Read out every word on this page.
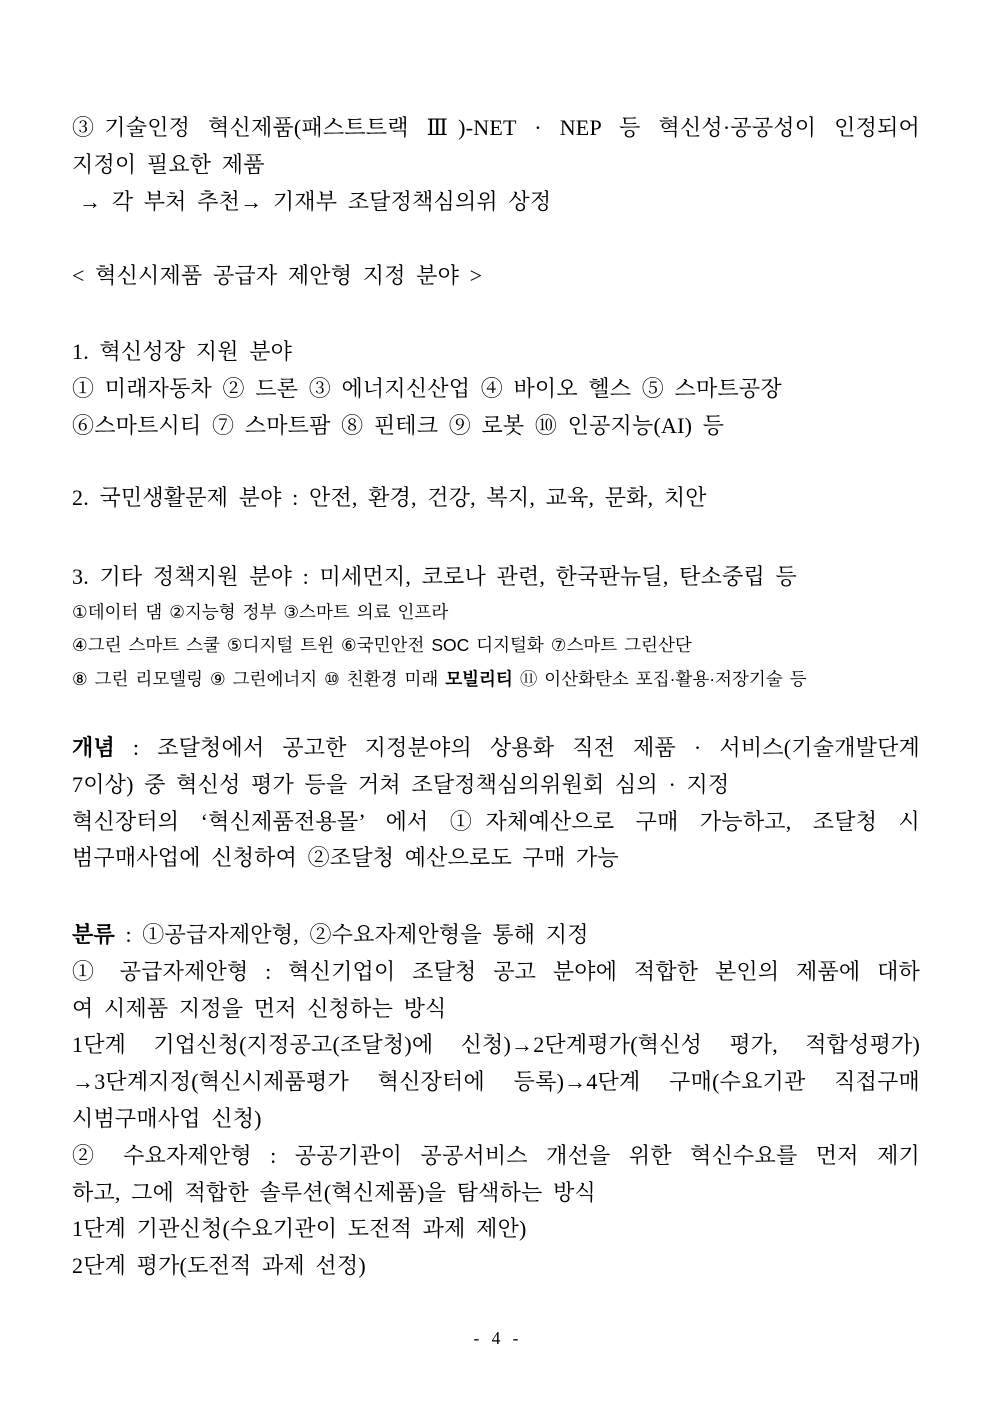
③기술인정 혁신제품(패스트트랙 Ⅲ)-NET · NEP 등 혁신성·공공성이 인정되어
지정이 필요한 제품
→ 각 부처 추천→ 기재부 조달정책심의위 상정
< 혁신시제품 공급자 제안형 지정 분야 >
1. 혁신성장 지원 분야
① 미래자동차 ② 드론 ③ 에너지신산업 ④ 바이오 헬스 ⑤ 스마트공장
⑥스마트시티 ⑦ 스마트팜 ⑧ 핀테크 ⑨ 로봇 ⑩ 인공지능(AI) 등
2. 국민생활문제 분야 : 안전, 환경, 건강, 복지, 교육, 문화, 치안
3. 기타 정책지원 분야 : 미세먼지, 코로나 관련, 한국판뉴딜, 탄소중립 등
①데이터 댐 ②지능형 정부 ③스마트 의료 인프라
④그린 스마트 스쿨 ⑤디지털 트윈 ⑥국민안전 SOC 디지털화 ⑦스마트 그린산단
⑧ 그린 리모델링 ⑨ 그린에너지 ⑩ 친환경 미래 모빌리티 ⑪ 이산화탄소 포집·활용·저장기술 등
개념 : 조달청에서 공고한 지정분야의 상용화 직전 제품 · 서비스(기술개발단계
7이상) 중 혁신성 평가 등을 거쳐 조달정책심의위원회 심의 · 지정
혁신장터의 ‘혁신제품전용몰’ 에서 ①자체예산으로 구매 가능하고, 조달청 시
범구매사업에 신청하여 ②조달청 예산으로도 구매 가능
분류 : ①공급자제안형, ②수요자제안형을 통해 지정
① 공급자제안형 : 혁신기업이 조달청 공고 분야에 적합한 본인의 제품에 대하
여 시제품 지정을 먼저 신청하는 방식
1단계 기업신청(지정공고(조달청)에 신청)→2단계평가(혁신성 평가, 적합성평가)
→3단계지정(혁신시제품평가 혁신장터에 등록)→4단계 구매(수요기관 직접구매
시범구매사업 신청)
② 수요자제안형 : 공공기관이 공공서비스 개선을 위한 혁신수요를 먼저 제기
하고, 그에 적합한 솔루션(혁신제품)을 탐색하는 방식
1단계 기관신청(수요기관이 도전적 과제 제안)
2단계 평가(도전적 과제 선정)
- 4 -
